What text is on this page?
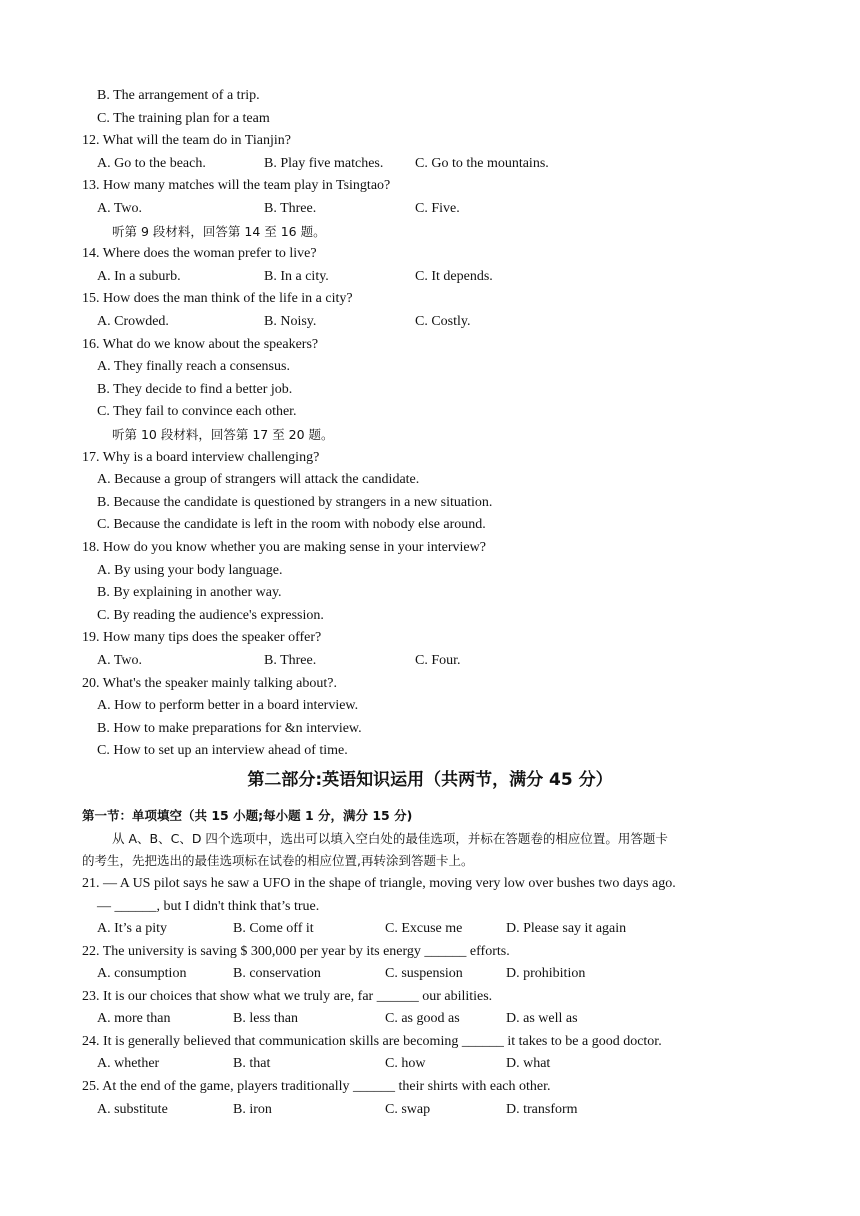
B. The arrangement of a trip.
C. The training plan for a team
12. What will the team do in Tianjin?
A. Go to the beach.	B. Play five matches. C. Go to the mountains.
13. How many matches will the team play in Tsingtao?
A. Two.	B. Three.	C. Five.
听第 9 段材料，回答第 14 至 16 题。
14. Where does the woman prefer to live?
A. In a suburb.	B. In a city.	C. It depends.
15. How does the man think of the life in a city?
A. Crowded.	B. Noisy.	C. Costly.
16. What do we know about the speakers?
A. They finally reach a consensus.
B. They decide to find a better job.
C. They fail to convince each other.
听第 10 段材料，回答第 17 至 20 题。
17. Why is a board interview challenging?
A. Because a group of strangers will attack the candidate.
B. Because the candidate is questioned by strangers in a new situation.
C. Because the candidate is left in the room with nobody else around.
18. How do you know whether you are making sense in your interview?
A. By using your body language.
B. By explaining in another way.
C. By reading the audience's expression.
19. How many tips does the speaker offer?
A. Two.	B. Three.	C. Four.
20. What's the speaker mainly talking about?.
A. How to perform better in a board interview.
B. How to make preparations for &n interview.
C. How to set up an interview ahead of time.
第二部分:英语知识运用（共两节，满分 45 分）
第一节：单项填空（共 15 小题;每小题 1 分，满分 15 分)
从 A、B、C、D 四个选项中，选出可以填入空白处的最佳选项，并标在答题卷的相应位置。用答题卡
的考生，先把选出的最佳选项标在试卷的相应位置,再转涂到答题卡上。
21. — A US pilot says he saw a UFO in the shape of triangle, moving very low over bushes two days ago.
— ______, but I didn't think that’s true.
A. It’s a pity	B. Come off it	C. Excuse me	D. Please say it again
22. The university is saving $ 300,000 per year by its energy ______ efforts.
A. consumption	B. conservation	C. suspension	D. prohibition
23. It is our choices that show what we truly are, far ______ our abilities.
A. more than	B. less than	C. as good as	D. as well as
24. It is generally believed that communication skills are becoming ______ it takes to be a good doctor.
A. whether	B. that	C. how	D. what
25. At the end of the game, players traditionally ______ their shirts with each other.
A. substitute	B. iron	C. swap	D. transform
